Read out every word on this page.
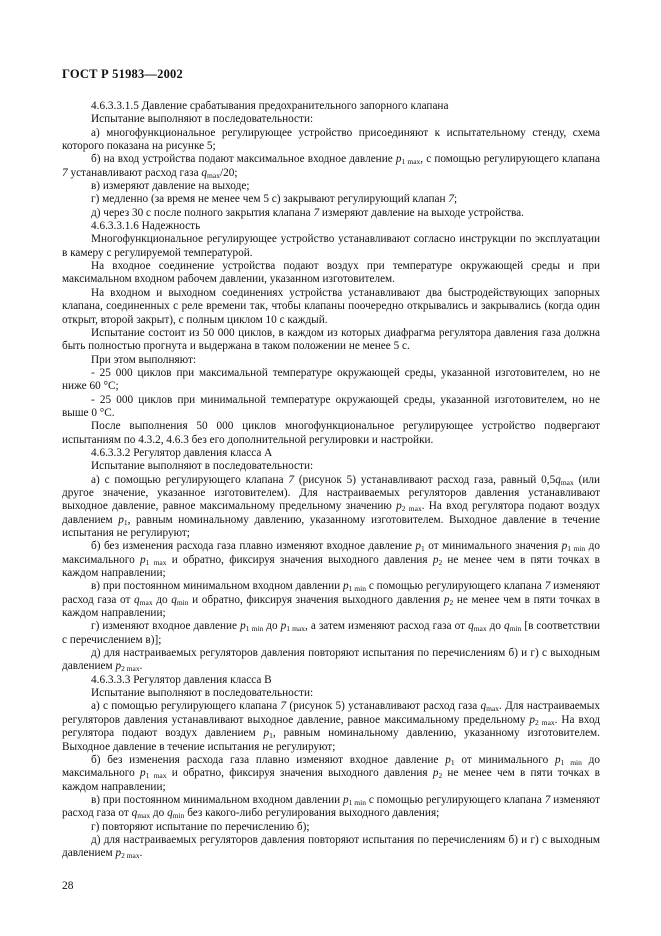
ГОСТ Р 51983—2002

4.6.3.3.1.5 Давление срабатывания предохранительного запорного клапана

Испытание выполняют в последовательности:

а) многофункциональное регулирующее устройство присоединяют к испытательному стенду, схема которого показана на рисунке 5;

б) на вход устройства подают максимальное входное давление $p_{1 max}$, с помощью регулирующего клапана 7 устанавливают расход газа $q_{max}/20$;

в) измеряют давление на выходе;

г) медленно (за время не менее чем 5 с) закрывают регулирующий клапан 7;

д) через 30 с после полного закрытия клапана 7 измеряют давление на выходе устройства.

4.6.3.3.1.6 Надежность

Многофункциональное регулирующее устройство устанавливают согласно инструкции по эксплуатации в камеру с регулируемой температурой.

На входное соединение устройства подают воздух при температуре окружающей среды и при максимальном входном рабочем давлении, указанном изготовителем.

На входном и выходном соединениях устройства устанавливают два быстродействующих запорных клапана, соединенных с реле времени так, чтобы клапаны поочередно открывались и закрывались (когда один открыт, второй закрыт), с полным циклом 10 с каждый.

Испытание состоит из 50 000 циклов, в каждом из которых диафрагма регулятора давления газа должна быть полностью прогнута и выдержана в таком положении не менее 5 с.

При этом выполняют:

- 25 000 циклов при максимальной температуре окружающей среды, указанной изготовителем, но не ниже 60 °С;

- 25 000 циклов при минимальной температуре окружающей среды, указанной изготовителем, но не выше 0 °С.

После выполнения 50 000 циклов многофункциональное регулирующее устройство подвергают испытаниям по 4.3.2, 4.6.3 без его дополнительной регулировки и настройки.

4.6.3.3.2 Регулятор давления класса А

Испытание выполняют в последовательности:

а) с помощью регулирующего клапана 7 (рисунок 5) устанавливают расход газа, равный $0,5q_{max}$ (или другое значение, указанное изготовителем). Для настраиваемых регуляторов давления устанавливают выходное давление, равное максимальному предельному значению $p_{2 max}$. На вход регулятора подают воздух давлением $p_1$, равным номинальному давлению, указанному изготовителем. Выходное давление в течение испытания не регулируют;

б) без изменения расхода газа плавно изменяют входное давление $p_1$ от минимального значения $p_{1 min}$ до максимального $p_{1 max}$ и обратно, фиксируя значения выходного давления $p_2$ не менее чем в пяти точках в каждом направлении;

в) при постоянном минимальном входном давлении $p_{1 min}$ с помощью регулирующего клапана 7 изменяют расход газа от $q_{max}$ до $q_{min}$ и обратно, фиксируя значения выходного давления $p_2$ не менее чем в пяти точках в каждом направлении;

г) изменяют входное давление $p_{1 min}$ до $p_{1 max}$, а затем изменяют расход газа от $q_{max}$ до $q_{min}$ [в соответствии с перечислением в)];

д) для настраиваемых регуляторов давления повторяют испытания по перечислениям б) и г) с выходным давлением $p_{2 max}$.

4.6.3.3.3 Регулятор давления класса В

Испытание выполняют в последовательности:

а) с помощью регулирующего клапана 7 (рисунок 5) устанавливают расход газа $q_{max}$. Для настраиваемых регуляторов давления устанавливают выходное давление, равное максимальному предельному $p_{2 max}$. На вход регулятора подают воздух давлением $p_1$, равным номинальному давлению, указанному изготовителем. Выходное давление в течение испытания не регулируют;

б) без изменения расхода газа плавно изменяют входное давление $p_1$ от минимального $p_{1 min}$ до максимального $p_{1 max}$ и обратно, фиксируя значения выходного давления $p_2$ не менее чем в пяти точках в каждом направлении;

в) при постоянном минимальном входном давлении $p_{1 min}$ с помощью регулирующего клапана 7 изменяют расход газа от $q_{max}$ до $q_{min}$ без какого-либо регулирования выходного давления;

г) повторяют испытание по перечислению б);

д) для настраиваемых регуляторов давления повторяют испытания по перечислениям б) и г) с выходным давлением $p_{2 max}$.

28
